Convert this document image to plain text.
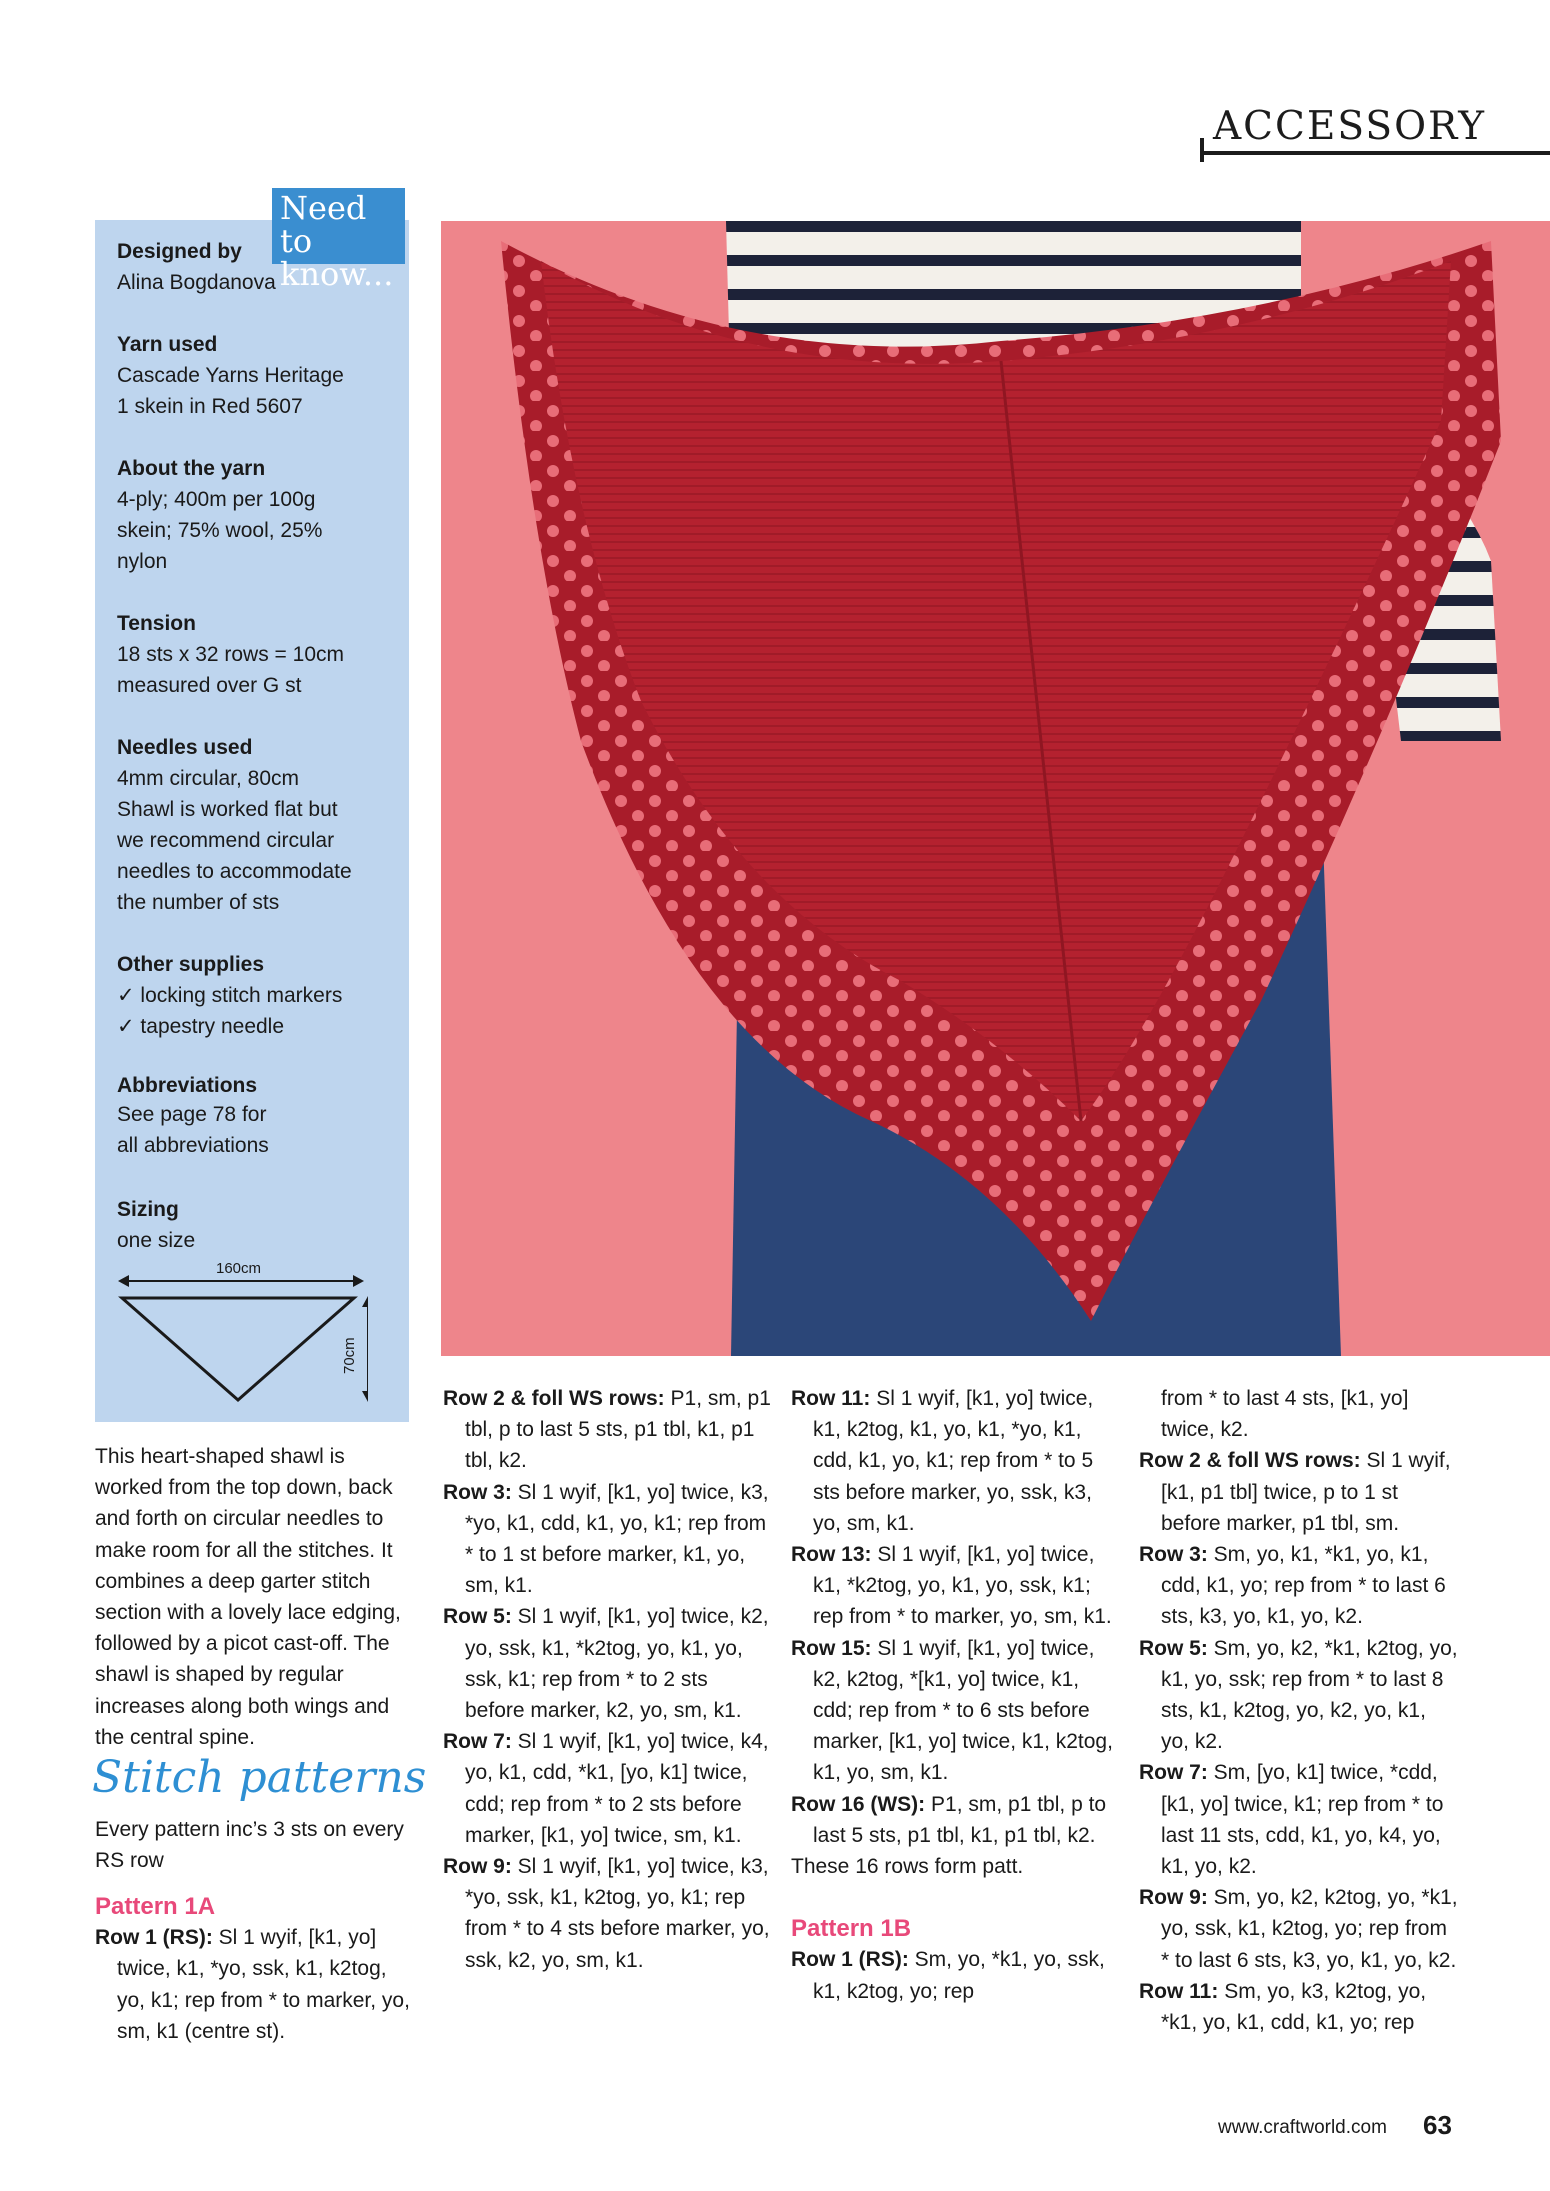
ACCESSORY
Need to
know...
Designed by
Alina Bogdanova
Yarn used
Cascade Yarns Heritage
1 skein in Red 5607
About the yarn
4-ply; 400m per 100g
skein; 75% wool, 25%
nylon
Tension
18 sts x 32 rows = 10cm
measured over G st
Needles used
4mm circular, 80cm
Shawl is worked flat but
we recommend circular
needles to accommodate
the number of sts
Other supplies
✓ locking stitch markers
✓ tapestry needle
Abbreviations
See page 78 for
all abbreviations
Sizing
one size
160cm
70cm
This heart-shaped shawl is worked from the top down, back and forth on circular needles to make room for all the stitches. It combines a deep garter stitch section with a lovely lace edging, followed by a picot cast-off. The shawl is shaped by regular increases along both wings and the central spine.
Stitch patterns
Every pattern inc’s 3 sts on every RS row
Pattern 1A
Row 1 (RS): Sl 1 wyif, [k1, yo] twice, k1, *yo, ssk, k1, k2tog, yo, k1; rep from * to marker, yo, sm, k1 (centre st).
Row 2 & foll WS rows: P1, sm, p1 tbl, p to last 5 sts, p1 tbl, k1, p1 tbl, k2.
Row 3: Sl 1 wyif, [k1, yo] twice, k3, *yo, k1, cdd, k1, yo, k1; rep from * to 1 st before marker, k1, yo, sm, k1.
Row 5: Sl 1 wyif, [k1, yo] twice, k2, yo, ssk, k1, *k2tog, yo, k1, yo, ssk, k1; rep from * to 2 sts before marker, k2, yo, sm, k1.
Row 7: Sl 1 wyif, [k1, yo] twice, k4, yo, k1, cdd, *k1, [yo, k1] twice, cdd; rep from * to 2 sts before marker, [k1, yo] twice, sm, k1.
Row 9: Sl 1 wyif, [k1, yo] twice, k3, *yo, ssk, k1, k2tog, yo, k1; rep from * to 4 sts before marker, yo, ssk, k2, yo, sm, k1.
Row 11: Sl 1 wyif, [k1, yo] twice, k1, k2tog, k1, yo, k1, *yo, k1, cdd, k1, yo, k1; rep from * to 5 sts before marker, yo, ssk, k3, yo, sm, k1.
Row 13: Sl 1 wyif, [k1, yo] twice, k1, *k2tog, yo, k1, yo, ssk, k1; rep from * to marker, yo, sm, k1.
Row 15: Sl 1 wyif, [k1, yo] twice, k2, k2tog, *[k1, yo] twice, k1, cdd; rep from * to 6 sts before marker, [k1, yo] twice, k1, k2tog, k1, yo, sm, k1.
Row 16 (WS): P1, sm, p1 tbl, p to last 5 sts, p1 tbl, k1, p1 tbl, k2.
These 16 rows form patt.
Pattern 1B
Row 1 (RS): Sm, yo, *k1, yo, ssk, k1, k2tog, yo; rep
from * to last 4 sts, [k1, yo] twice, k2.
Row 2 & foll WS rows: Sl 1 wyif, [k1, p1 tbl] twice, p to 1 st before marker, p1 tbl, sm.
Row 3: Sm, yo, k1, *k1, yo, k1, cdd, k1, yo; rep from * to last 6 sts, k3, yo, k1, yo, k2.
Row 5: Sm, yo, k2, *k1, k2tog, yo, k1, yo, ssk; rep from * to last 8 sts, k1, k2tog, yo, k2, yo, k1, yo, k2.
Row 7: Sm, [yo, k1] twice, *cdd, [k1, yo] twice, k1; rep from * to last 11 sts, cdd, k1, yo, k4, yo, k1, yo, k2.
Row 9: Sm, yo, k2, k2tog, yo, *k1, yo, ssk, k1, k2tog, yo; rep from * to last 6 sts, k3, yo, k1, yo, k2.
Row 11: Sm, yo, k3, k2tog, yo, *k1, yo, k1, cdd, k1, yo; rep
www.craftworld.com 63
